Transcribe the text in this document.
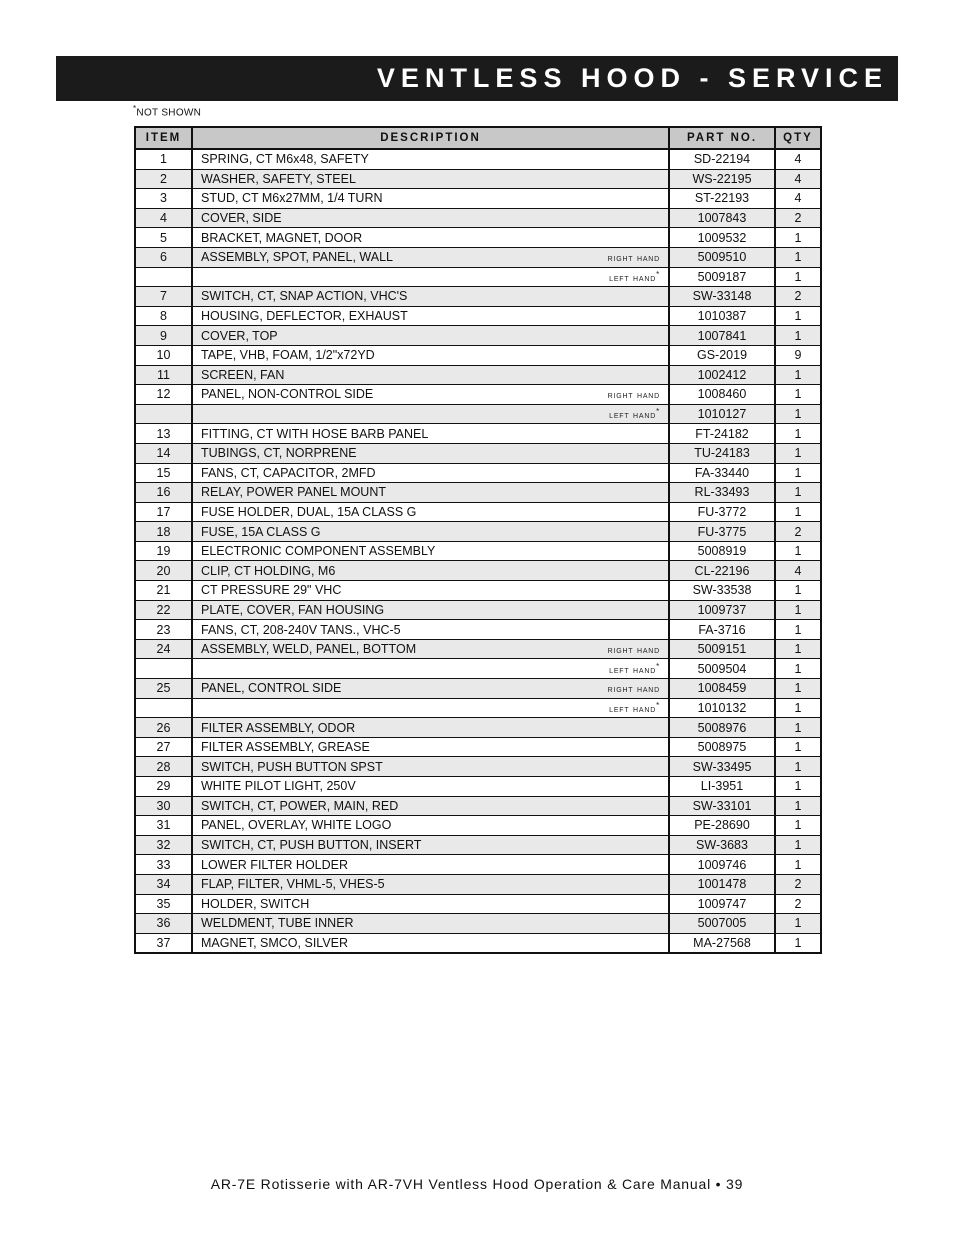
VENTLESS HOOD - SERVICE
*NOT SHOWN
ITEM	DESCRIPTION	PART NO.	QTY
1	SPRING, CT M6x48, SAFETY	SD-22194	4
2	WASHER, SAFETY, STEEL	WS-22195	4
3	STUD, CT M6x27MM, 1/4 TURN	ST-22193	4
4	COVER, SIDE	1007843	2
5	BRACKET, MAGNET, DOOR	1009532	1
6	ASSEMBLY, SPOT, PANEL, WALL right hand	5009510	1

	left hand*	5009187	1
7	SWITCH, CT, SNAP ACTION, VHC'S	SW-33148	2
8	HOUSING, DEFLECTOR, EXHAUST	1010387	1
9	COVER, TOP	1007841	1
10	TAPE, VHB, FOAM, 1/2"x72YD	GS-2019	9
11	SCREEN, FAN	1002412	1
12	PANEL, NON-CONTROL SIDE right hand	1008460	1

	left hand*	1010127	1
13	FITTING, CT WITH HOSE BARB PANEL	FT-24182	1
14	TUBINGS, CT, NORPRENE	TU-24183	1
15	FANS, CT, CAPACITOR, 2MFD	FA-33440	1
16	RELAY, POWER PANEL MOUNT	RL-33493	1
17	FUSE HOLDER, DUAL, 15A CLASS G	FU-3772	1
18	FUSE, 15A CLASS G	FU-3775	2
19	ELECTRONIC COMPONENT ASSEMBLY	5008919	1
20	CLIP, CT HOLDING, M6	CL-22196	4
21	CT PRESSURE 29" VHC	SW-33538	1
22	PLATE, COVER, FAN HOUSING	1009737	1
23	FANS, CT, 208-240V TANS., VHC-5	FA-3716	1
24	ASSEMBLY, WELD, PANEL, BOTTOM right hand	5009151	1

	left hand*	5009504	1
25	PANEL, CONTROL SIDE right hand	1008459	1

	left hand*	1010132	1
26	FILTER ASSEMBLY, ODOR	5008976	1
27	FILTER ASSEMBLY, GREASE	5008975	1
28	SWITCH, PUSH BUTTON SPST	SW-33495	1
29	WHITE PILOT LIGHT, 250V	LI-3951	1
30	SWITCH, CT, POWER, MAIN, RED	SW-33101	1
31	PANEL, OVERLAY, WHITE LOGO	PE-28690	1
32	SWITCH, CT, PUSH BUTTON, INSERT	SW-3683	1
33	LOWER FILTER HOLDER	1009746	1
34	FLAP, FILTER, VHML-5, VHES-5	1001478	2
35	HOLDER, SWITCH	1009747	2
36	WELDMENT, TUBE INNER	5007005	1
37	MAGNET, SMCO, SILVER	MA-27568	1
AR-7E Rotisserie with AR-7VH Ventless Hood Operation & Care Manual • 39
